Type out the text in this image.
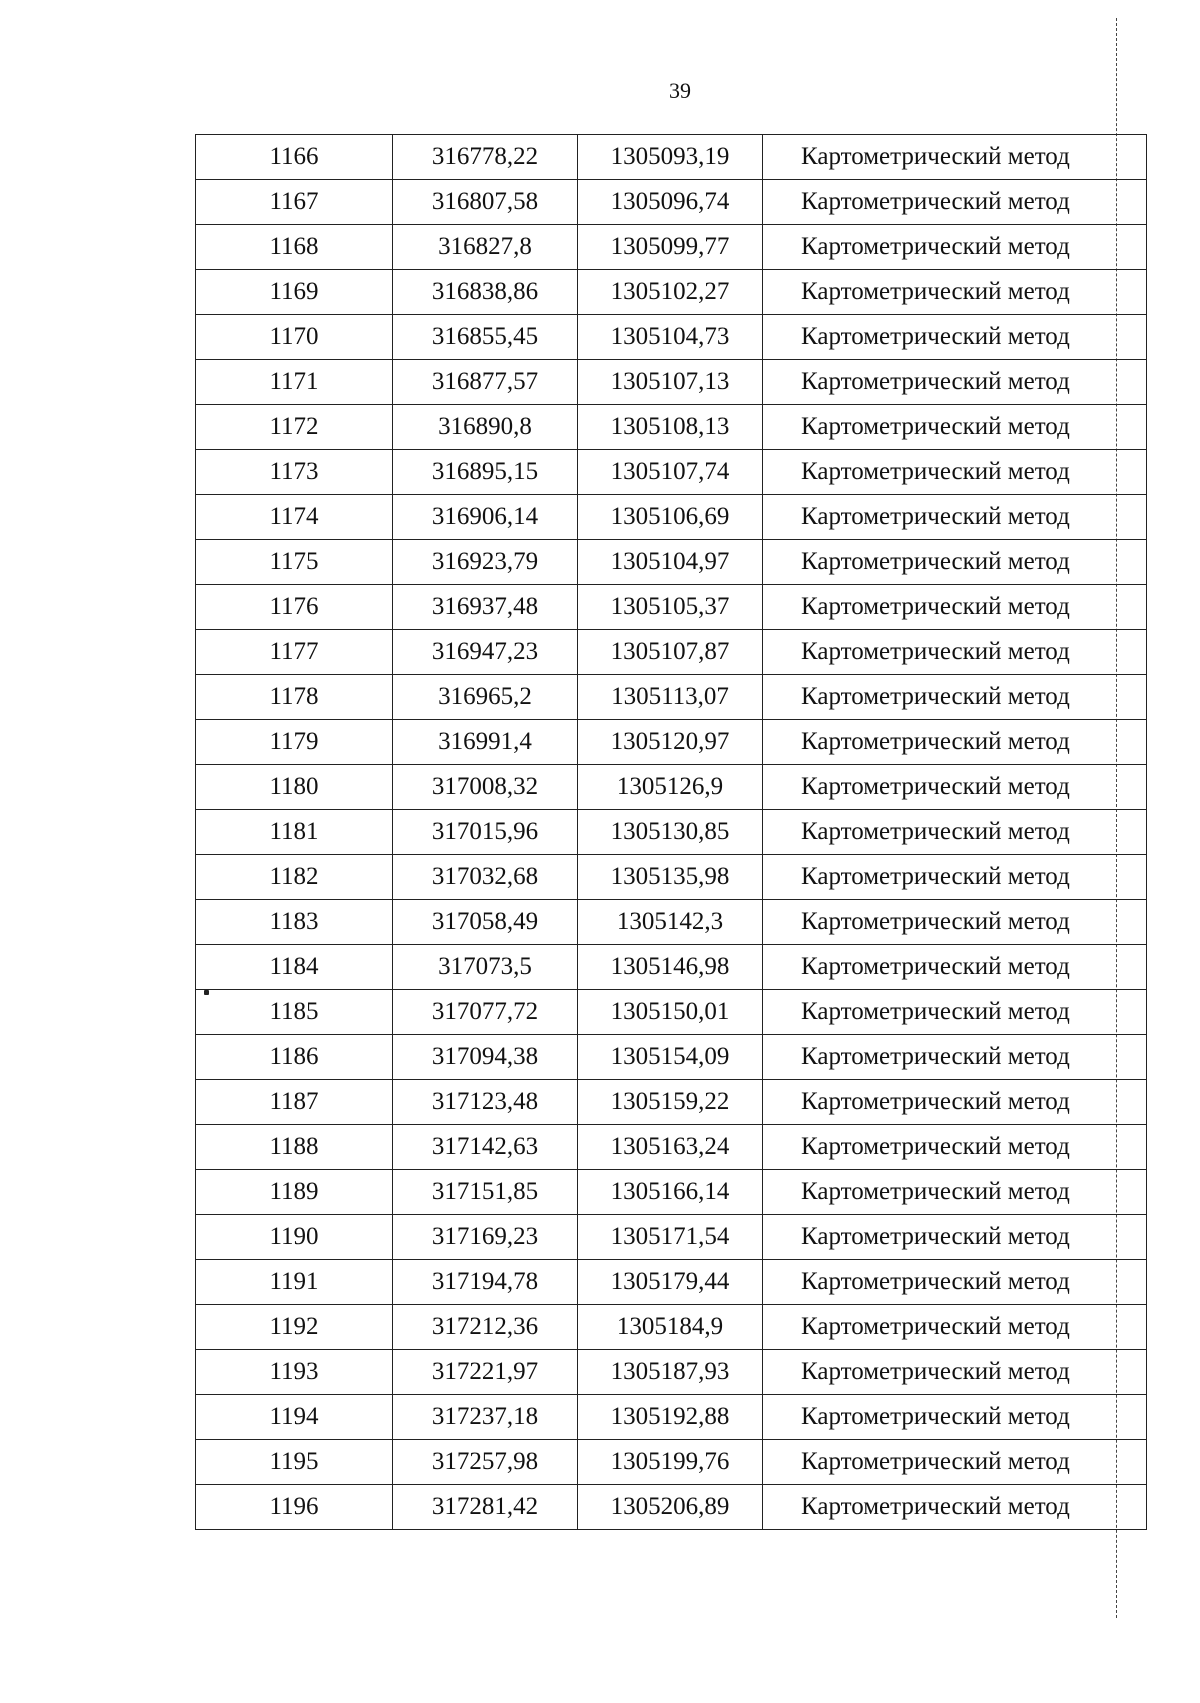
39
1166	316778,22	1305093,19	Картометрический метод
1167	316807,58	1305096,74	Картометрический метод
1168	316827,8	1305099,77	Картометрический метод
1169	316838,86	1305102,27	Картометрический метод
1170	316855,45	1305104,73	Картометрический метод
1171	316877,57	1305107,13	Картометрический метод
1172	316890,8	1305108,13	Картометрический метод
1173	316895,15	1305107,74	Картометрический метод
1174	316906,14	1305106,69	Картометрический метод
1175	316923,79	1305104,97	Картометрический метод
1176	316937,48	1305105,37	Картометрический метод
1177	316947,23	1305107,87	Картометрический метод
1178	316965,2	1305113,07	Картометрический метод
1179	316991,4	1305120,97	Картометрический метод
1180	317008,32	1305126,9	Картометрический метод
1181	317015,96	1305130,85	Картометрический метод
1182	317032,68	1305135,98	Картометрический метод
1183	317058,49	1305142,3	Картометрический метод
1184	317073,5	1305146,98	Картометрический метод
1185	317077,72	1305150,01	Картометрический метод
1186	317094,38	1305154,09	Картометрический метод
1187	317123,48	1305159,22	Картометрический метод
1188	317142,63	1305163,24	Картометрический метод
1189	317151,85	1305166,14	Картометрический метод
1190	317169,23	1305171,54	Картометрический метод
1191	317194,78	1305179,44	Картометрический метод
1192	317212,36	1305184,9	Картометрический метод
1193	317221,97	1305187,93	Картометрический метод
1194	317237,18	1305192,88	Картометрический метод
1195	317257,98	1305199,76	Картометрический метод
1196	317281,42	1305206,89	Картометрический метод
